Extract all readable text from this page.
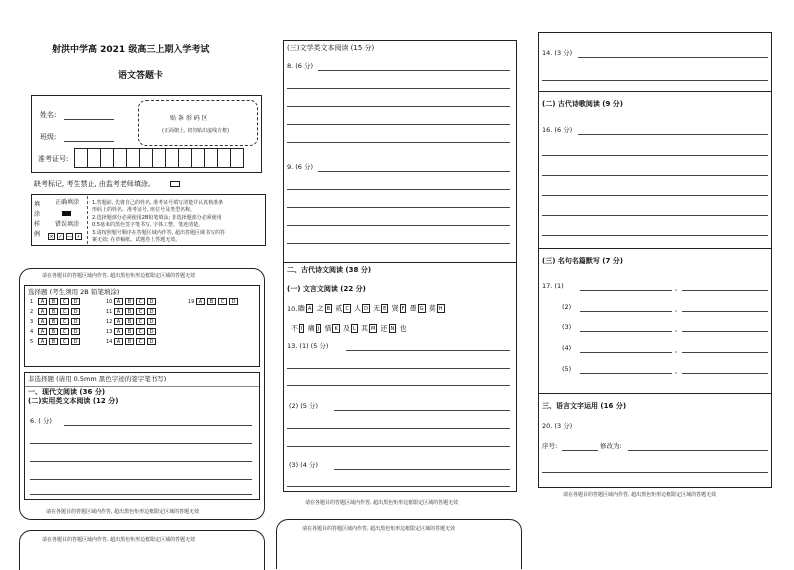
射洪中学高 2021 级高三上期入学考试
语文答题卡
姓名:
班级:
准考证号:
贴 条 形 码 区
(正面朝上, 切勿贴出虚线方框)
缺考标记, 考生禁止, 由监考老师填涂。
填涂样例
正确填涂
错误填涂
× ✓ — •
1.答题前, 先将自己的姓名, 准考证号填写清楚并认真核准条
形码上的姓名、准考证号, 座位号及类型名称。
2.选择题部分必须使用2B铅笔填涂; 非选择题部分必须使用
0.5毫米的黑色签字笔书写, 字体工整、笔迹清楚。
3.请按照题号顺序在答题区域内作答, 超出答题区域书写的答
案无效; 在草稿纸、试题卷上答题无效。
请在各题目的答题区域内作答, 超出黑色矩形边框限定区域的答题无效
选择题 (考生须用 2B 铅笔填涂)
1	A B C D
2	A B C D
3	A B C D
4	A B C D
5	A B C D
10 A B C D
11 A B C D
12 A B C D
13 A B C D
14 A B C D
19 A B C D
非选择题 (请用 0.5mm 黑色字迹的签字笔书写)
一、现代文阅读 (36 分)
(二)实用类文本阅读 (12 分)
6. ( 分)
请在各题目的答题区域内作答, 超出黑色矩形边框限定区域的答题无效
请在各题目的答题区域内作答, 超出黑色矩形边框限定区域的答题无效
(三)文学类文本阅读 (15 分)
8. (6 分)
9. (6 分)
二、古代诗文阅读 (38 分)
(一) 文言文阅读 (22 分)
10. 瞻 A 之 B 贰 C 人 D 无 E 贤 F 愚 G 莫 H
不 I 痛 J 惜 K 及 L 其 M 还 N 也
13. (1) (5 分)
(2) (5 分)
(3) (4 分)
请在各题目的答题区域内作答, 超出黑色矩形边框限定区域的答题无效
请在各题目的答题区域内作答, 超出黑色矩形边框限定区域的答题无效
14. (3 分)
(二) 古代诗歌阅读 (9 分)
16. (6 分)
(三) 名句名篇默写 (7 分)
17. (1)	,
(2)	,
(3)	,
(4)	,
(5)	,
三、语言文字运用 (16 分)
20. (3 分)
序号:	修改为:
请在各题目的答题区域内作答, 超出黑色矩形边框限定区域的答题无效
